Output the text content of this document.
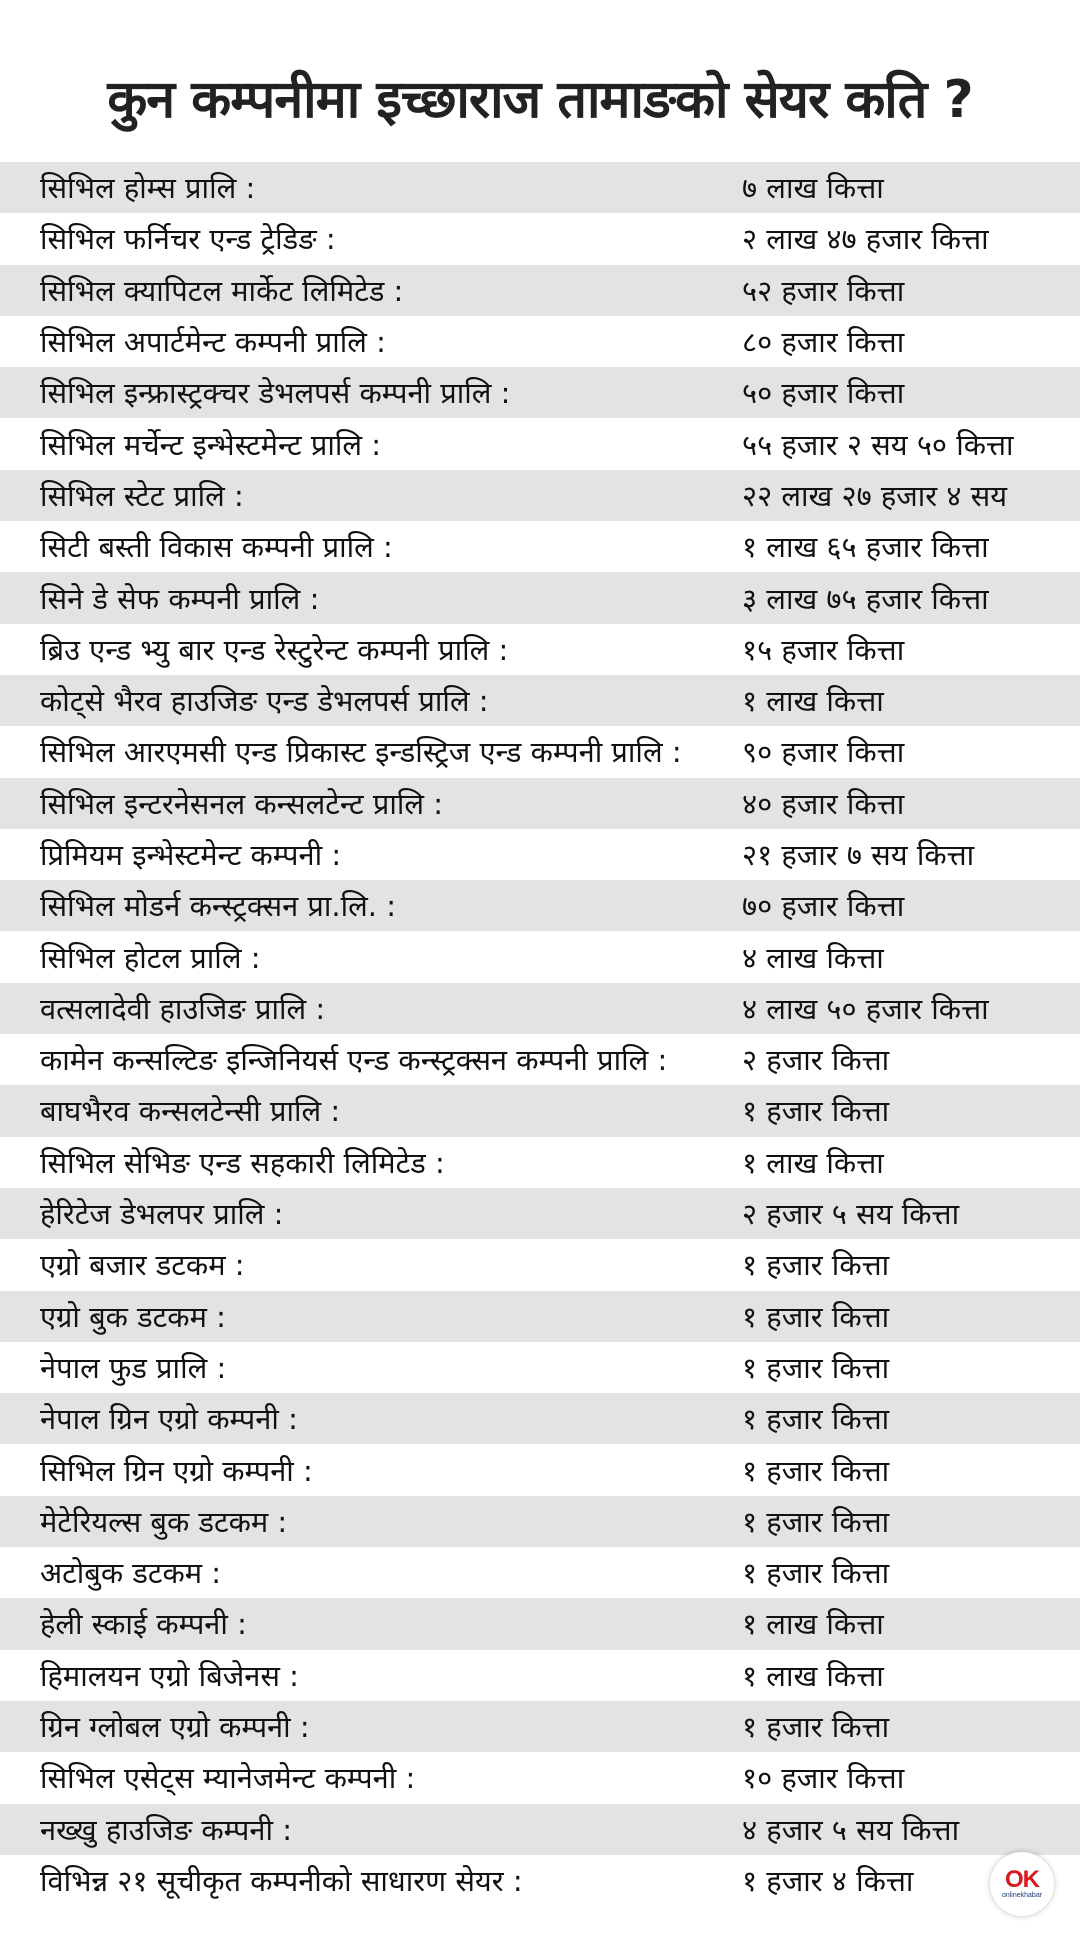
कुन कम्पनीमा इच्छाराज तामाङको सेयर कति ?
सिभिल होम्स प्रालि :	७ लाख कित्ता
सिभिल फर्निचर एन्ड ट्रेडिङ :	२ लाख ४७ हजार कित्ता
सिभिल क्यापिटल मार्केट लिमिटेड :	५२ हजार कित्ता
सिभिल अपार्टमेन्ट कम्पनी प्रालि :	८० हजार कित्ता
सिभिल इन्फ्रास्ट्रक्चर डेभलपर्स कम्पनी प्रालि :	५० हजार कित्ता
सिभिल मर्चेन्ट इन्भेस्टमेन्ट प्रालि :	५५ हजार २ सय ५० कित्ता
सिभिल स्टेट प्रालि :	२२ लाख २७ हजार ४ सय
सिटी बस्ती विकास कम्पनी प्रालि :	१ लाख ६५ हजार कित्ता
सिने डे सेफ कम्पनी प्रालि :	३ लाख ७५ हजार कित्ता
ब्रिउ एन्ड भ्यु बार एन्ड रेस्टुरेन्ट कम्पनी प्रालि :	१५ हजार कित्ता
कोट्से भैरव हाउजिङ एन्ड डेभलपर्स प्रालि :	१ लाख कित्ता
सिभिल आरएमसी एन्ड प्रिकास्ट इन्डस्ट्रिज एन्ड कम्पनी प्रालि :	९० हजार कित्ता
सिभिल इन्टरनेसनल कन्सलटेन्ट प्रालि :	४० हजार कित्ता
प्रिमियम इन्भेस्टमेन्ट कम्पनी :	२१ हजार ७ सय कित्ता
सिभिल मोडर्न कन्स्ट्रक्सन प्रा.लि. :	७० हजार कित्ता
सिभिल होटल प्रालि :	४ लाख कित्ता
वत्सलादेवी हाउजिङ प्रालि :	४ लाख ५० हजार कित्ता
कामेन कन्सल्टिङ इन्जिनियर्स एन्ड कन्स्ट्रक्सन कम्पनी प्रालि :	२ हजार कित्ता
बाघभैरव कन्सलटेन्सी प्रालि :	१ हजार कित्ता
सिभिल सेभिङ एन्ड सहकारी लिमिटेड :	१ लाख कित्ता
हेरिटेज डेभलपर प्रालि :	२ हजार ५ सय कित्ता
एग्रो बजार डटकम :	१ हजार कित्ता
एग्रो बुक डटकम :	१ हजार कित्ता
नेपाल फुड प्रालि :	१ हजार कित्ता
नेपाल ग्रिन एग्रो कम्पनी :	१ हजार कित्ता
सिभिल ग्रिन एग्रो कम्पनी :	१ हजार कित्ता
मेटेरियल्स बुक डटकम :	१ हजार कित्ता
अटोबुक डटकम :	१ हजार कित्ता
हेली स्काई कम्पनी :	१ लाख कित्ता
हिमालयन एग्रो बिजेनस :	१ लाख कित्ता
ग्रिन ग्लोबल एग्रो कम्पनी :	१ हजार कित्ता
सिभिल एसेट्स म्यानेजमेन्ट कम्पनी :	१० हजार कित्ता
नख्खु हाउजिङ कम्पनी :	४ हजार ५ सय कित्ता
विभिन्न २१ सूचीकृत कम्पनीको साधारण सेयर :	१ हजार ४ कित्ता	OK
onlinekhabar
